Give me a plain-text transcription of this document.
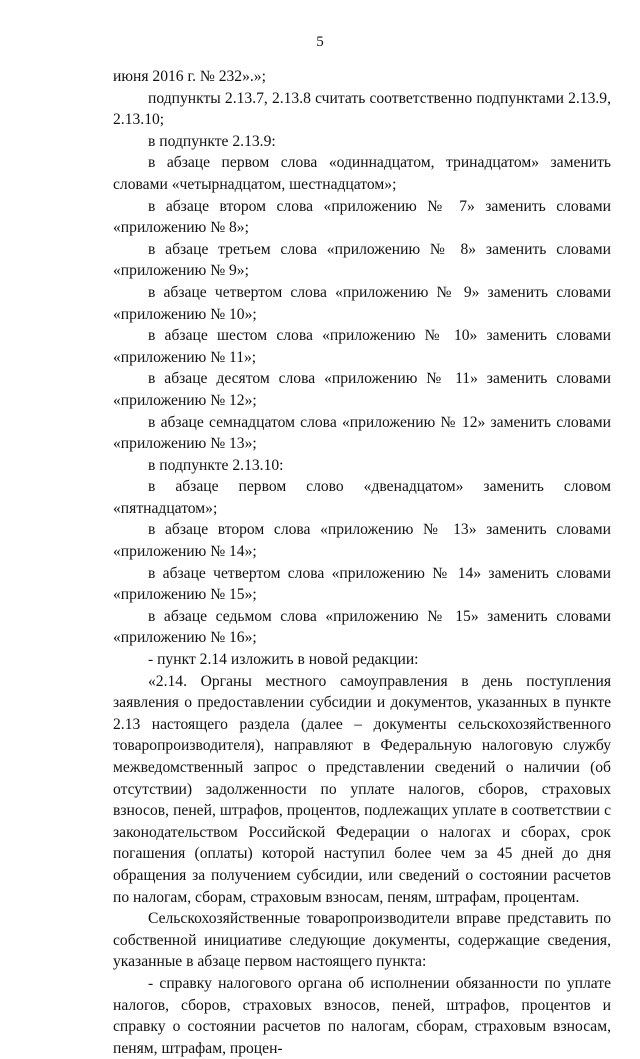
5

июня 2016 г. № 232».»;

подпункты 2.13.7, 2.13.8 считать соответственно подпунктами 2.13.9, 2.13.10;

в подпункте 2.13.9:

в абзаце первом слова «одиннадцатом, тринадцатом» заменить словами «четырнадцатом, шестнадцатом»;

в абзаце втором слова «приложению № 7» заменить словами «приложению № 8»;

в абзаце третьем слова «приложению № 8» заменить словами «приложению № 9»;

в абзаце четвертом слова «приложению № 9» заменить словами «приложению № 10»;

в абзаце шестом слова «приложению № 10» заменить словами «приложению № 11»;

в абзаце десятом слова «приложению № 11» заменить словами «приложению № 12»;

в абзаце семнадцатом слова «приложению № 12» заменить словами «приложению № 13»;

в подпункте 2.13.10:

в абзаце первом слово «двенадцатом» заменить словом «пятнадцатом»;

в абзаце втором слова «приложению № 13» заменить словами «приложению № 14»;

в абзаце четвертом слова «приложению № 14» заменить словами «приложению № 15»;

в абзаце седьмом слова «приложению № 15» заменить словами «приложению № 16»;

- пункт 2.14 изложить в новой редакции:

«2.14. Органы местного самоуправления в день поступления заявления о предоставлении субсидии и документов, указанных в пункте 2.13 настоящего раздела (далее – документы сельскохозяйственного товаропроизводителя), направляют в Федеральную налоговую службу межведомственный запрос о представлении сведений о наличии (об отсутствии) задолженности по уплате налогов, сборов, страховых взносов, пеней, штрафов, процентов, подлежащих уплате в соответствии с законодательством Российской Федерации о налогах и сборах, срок погашения (оплаты) которой наступил более чем за 45 дней до дня обращения за получением субсидии, или сведений о состоянии расчетов по налогам, сборам, страховым взносам, пеням, штрафам, процентам.

Сельскохозяйственные товаропроизводители вправе представить по собственной инициативе следующие документы, содержащие сведения, указанные в абзаце первом настоящего пункта:

- справку налогового органа об исполнении обязанности по уплате налогов, сборов, страховых взносов, пеней, штрафов, процентов и справку о состоянии расчетов по налогам, сборам, страховым взносам, пеням, штрафам, процен-
